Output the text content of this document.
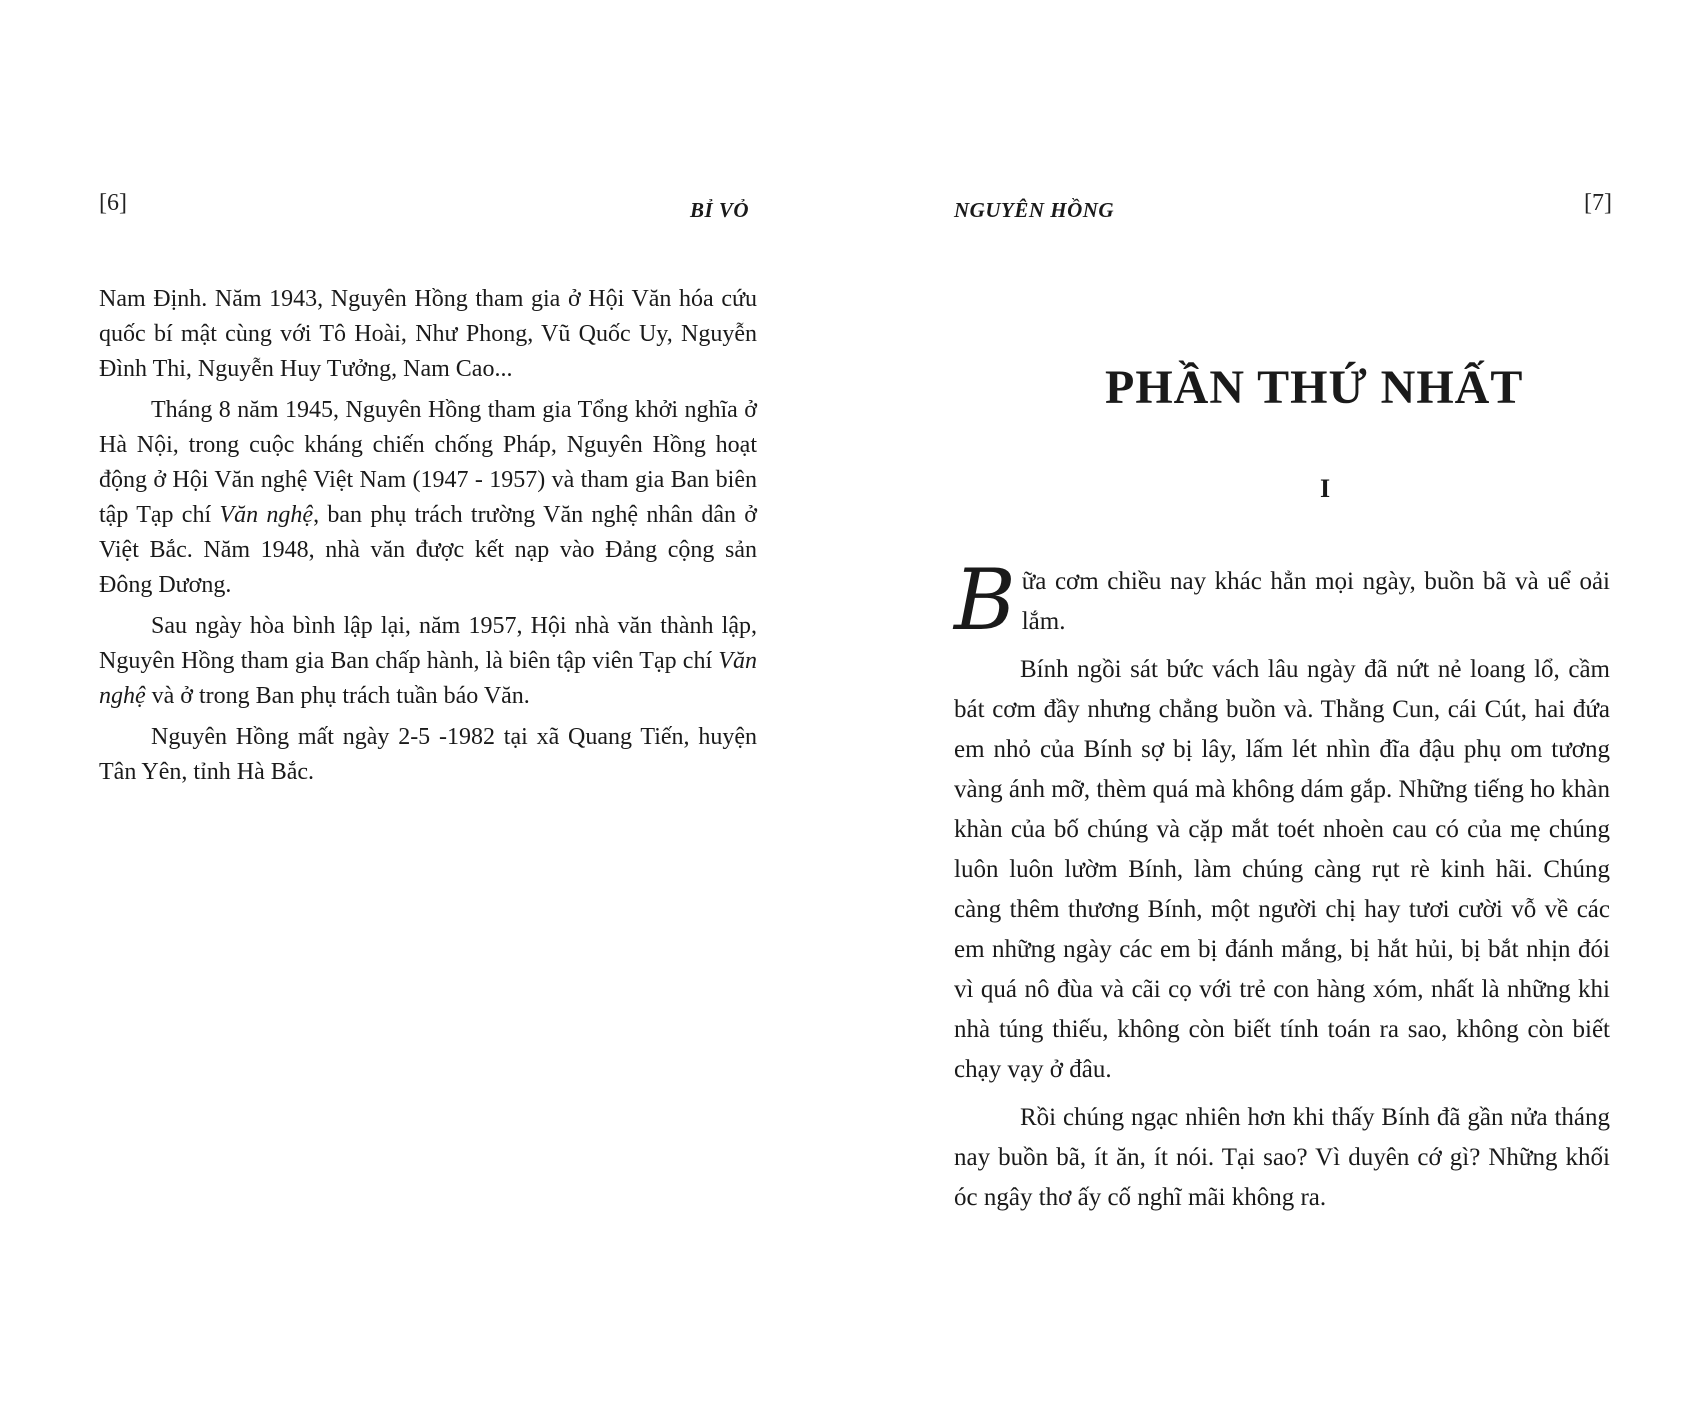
[6]	BỈ VỎ

Nam Định. Năm 1943, Nguyên Hồng tham gia ở Hội Văn hóa cứu quốc bí mật cùng với Tô Hoài, Như Phong, Vũ Quốc Uy, Nguyễn Đình Thi, Nguyễn Huy Tưởng, Nam Cao...

Tháng 8 năm 1945, Nguyên Hồng tham gia Tổng khởi nghĩa ở Hà Nội, trong cuộc kháng chiến chống Pháp, Nguyên Hồng hoạt động ở Hội Văn nghệ Việt Nam (1947 - 1957) và tham gia Ban biên tập Tạp chí Văn nghệ, ban phụ trách trường Văn nghệ nhân dân ở Việt Bắc. Năm 1948, nhà văn được kết nạp vào Đảng cộng sản Đông Dương.

Sau ngày hòa bình lập lại, năm 1957, Hội nhà văn thành lập, Nguyên Hồng tham gia Ban chấp hành, là biên tập viên Tạp chí Văn nghệ và ở trong Ban phụ trách tuần báo Văn.

Nguyên Hồng mất ngày 2-5 -1982 tại xã Quang Tiến, huyện Tân Yên, tỉnh Hà Bắc.

NGUYÊN HỒNG	[7]
PHẦN THỨ NHẤT
I

Bữa cơm chiều nay khác hẳn mọi ngày, buồn bã và uể oải lắm.

Bính ngồi sát bức vách lâu ngày đã nứt nẻ loang lổ, cầm bát cơm đầy nhưng chẳng buồn và. Thằng Cun, cái Cút, hai đứa em nhỏ của Bính sợ bị lây, lấm lét nhìn đĩa đậu phụ om tương vàng ánh mỡ, thèm quá mà không dám gắp. Những tiếng ho khàn khàn của bố chúng và cặp mắt toét nhoèn cau có của mẹ chúng luôn luôn lườm Bính, làm chúng càng rụt rè kinh hãi. Chúng càng thêm thương Bính, một người chị hay tươi cười vỗ về các em những ngày các em bị đánh mắng, bị hắt hủi, bị bắt nhịn đói vì quá nô đùa và cãi cọ với trẻ con hàng xóm, nhất là những khi nhà túng thiếu, không còn biết tính toán ra sao, không còn biết chạy vạy ở đâu.

Rồi chúng ngạc nhiên hơn khi thấy Bính đã gần nửa tháng nay buồn bã, ít ăn, ít nói. Tại sao? Vì duyên cớ gì? Những khối óc ngây thơ ấy cố nghĩ mãi không ra.
